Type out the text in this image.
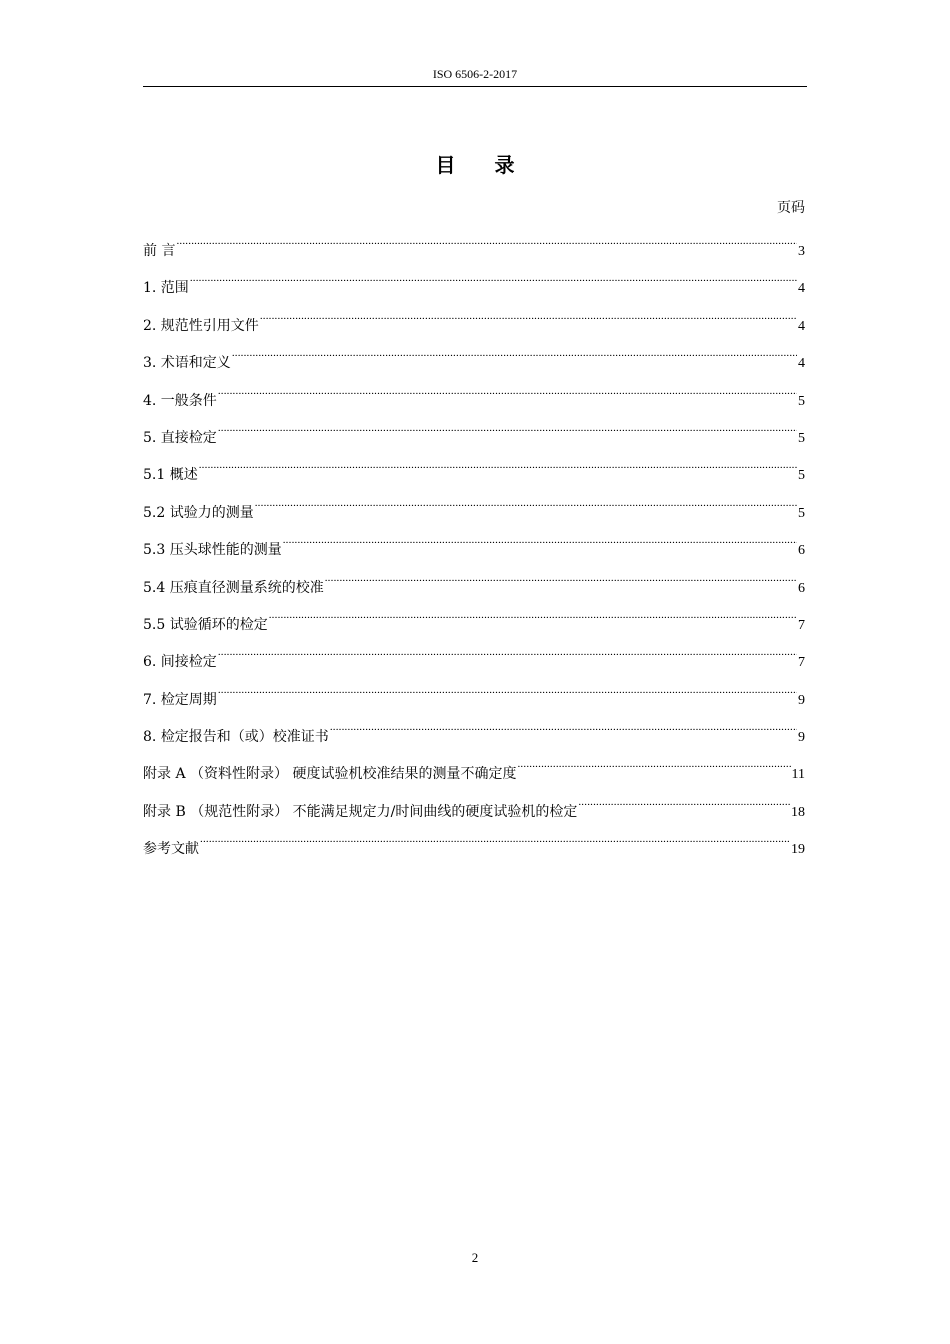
ISO 6506-2-2017
目 录
页码
前 言 .....	3
1. 范围 .....	4
2. 规范性引用文件 .....	4
3. 术语和定义 .....	4
4. 一般条件 .....	5
5. 直接检定 .....	5
5.1 概述 .....	5
5.2 试验力的测量 .....	5
5.3 压头球性能的测量 .....	6
5.4 压痕直径测量系统的校准 .....	6
5.5 试验循环的检定 .....	7
6. 间接检定 .....	7
7. 检定周期 .....	9
8. 检定报告和（或）校准证书 .....	9
附录 A （资料性附录） 硬度试验机校准结果的测量不确定度 .....	11
附录 B （规范性附录） 不能满足规定力/时间曲线的硬度试验机的检定 .....	18
参考文献 .....	19
2
